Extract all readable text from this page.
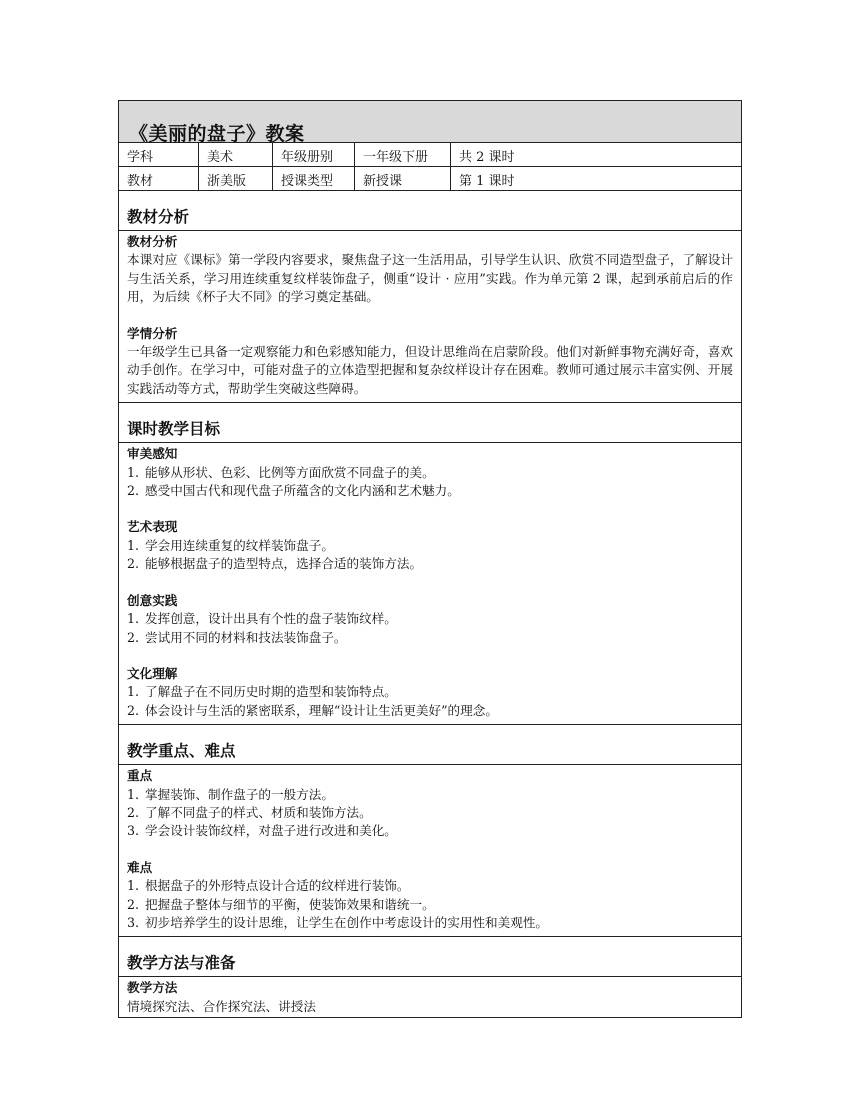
《美丽的盘子》教案
学科	美术	年级册别	一年级下册	共 2 课时
教材	浙美版	授课类型	新授课	第 1 课时
教材分析
教材分析
本课对应《课标》第一学段内容要求，聚焦盘子这一生活用品，引导学生认识、欣赏不同造型盘子，了解设计与生活关系，学习用连续重复纹样装饰盘子，侧重“设计 · 应用”实践。作为单元第 2 课，起到承前启后的作用，为后续《杯子大不同》的学习奠定基础。
学情分析
一年级学生已具备一定观察能力和色彩感知能力，但设计思维尚在启蒙阶段。他们对新鲜事物充满好奇，喜欢动手创作。在学习中，可能对盘子的立体造型把握和复杂纹样设计存在困难。教师可通过展示丰富实例、开展实践活动等方式，帮助学生突破这些障碍。
课时教学目标
审美感知
1. 能够从形状、色彩、比例等方面欣赏不同盘子的美。
2. 感受中国古代和现代盘子所蕴含的文化内涵和艺术魅力。
艺术表现
1. 学会用连续重复的纹样装饰盘子。
2. 能够根据盘子的造型特点，选择合适的装饰方法。
创意实践
1. 发挥创意，设计出具有个性的盘子装饰纹样。
2. 尝试用不同的材料和技法装饰盘子。
文化理解
1. 了解盘子在不同历史时期的造型和装饰特点。
2. 体会设计与生活的紧密联系，理解“设计让生活更美好”的理念。
教学重点、难点
重点
1. 掌握装饰、制作盘子的一般方法。
2. 了解不同盘子的样式、材质和装饰方法。
3. 学会设计装饰纹样，对盘子进行改进和美化。
难点
1. 根据盘子的外形特点设计合适的纹样进行装饰。
2. 把握盘子整体与细节的平衡，使装饰效果和谐统一。
3. 初步培养学生的设计思维，让学生在创作中考虑设计的实用性和美观性。
教学方法与准备
教学方法
情境探究法、合作探究法、讲授法
